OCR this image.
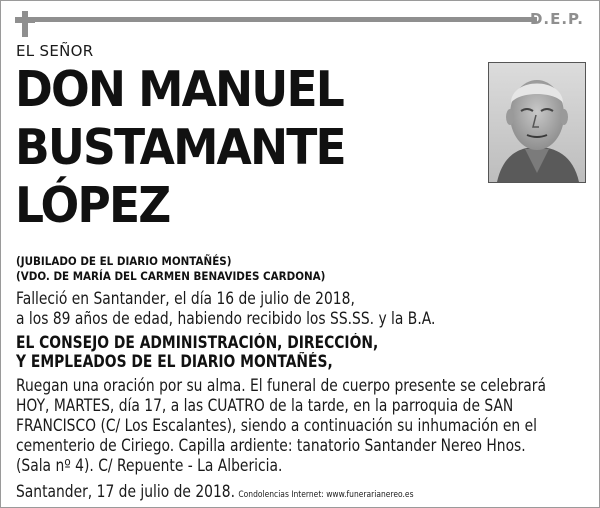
D.E.P.
EL SEÑOR
DON MANUEL
BUSTAMANTE
LÓPEZ
(JUBILADO DE EL DIARIO MONTAÑÉS)
(VDO. DE MARÍA DEL CARMEN BENAVIDES CARDONA)
Falleció en Santander, el día 16 de julio de 2018,
a los 89 años de edad, habiendo recibido los SS.SS. y la B.A.
EL CONSEJO DE ADMINISTRACIÓN, DIRECCIÓN,
Y EMPLEADOS DE EL DIARIO MONTAÑÉS,
Ruegan una oración por su alma. El funeral de cuerpo presente se celebrará
HOY, MARTES, día 17, a las CUATRO de la tarde, en la parroquia de SAN
FRANCISCO (C/ Los Escalantes), siendo a continuación su inhumación en el
cementerio de Ciriego. Capilla ardiente: tanatorio Santander Nereo Hnos.
(Sala nº 4). C/ Repuente - La Albericia.
Santander, 17 de julio de 2018. Condolencias Internet: www.funerarianereo.es
